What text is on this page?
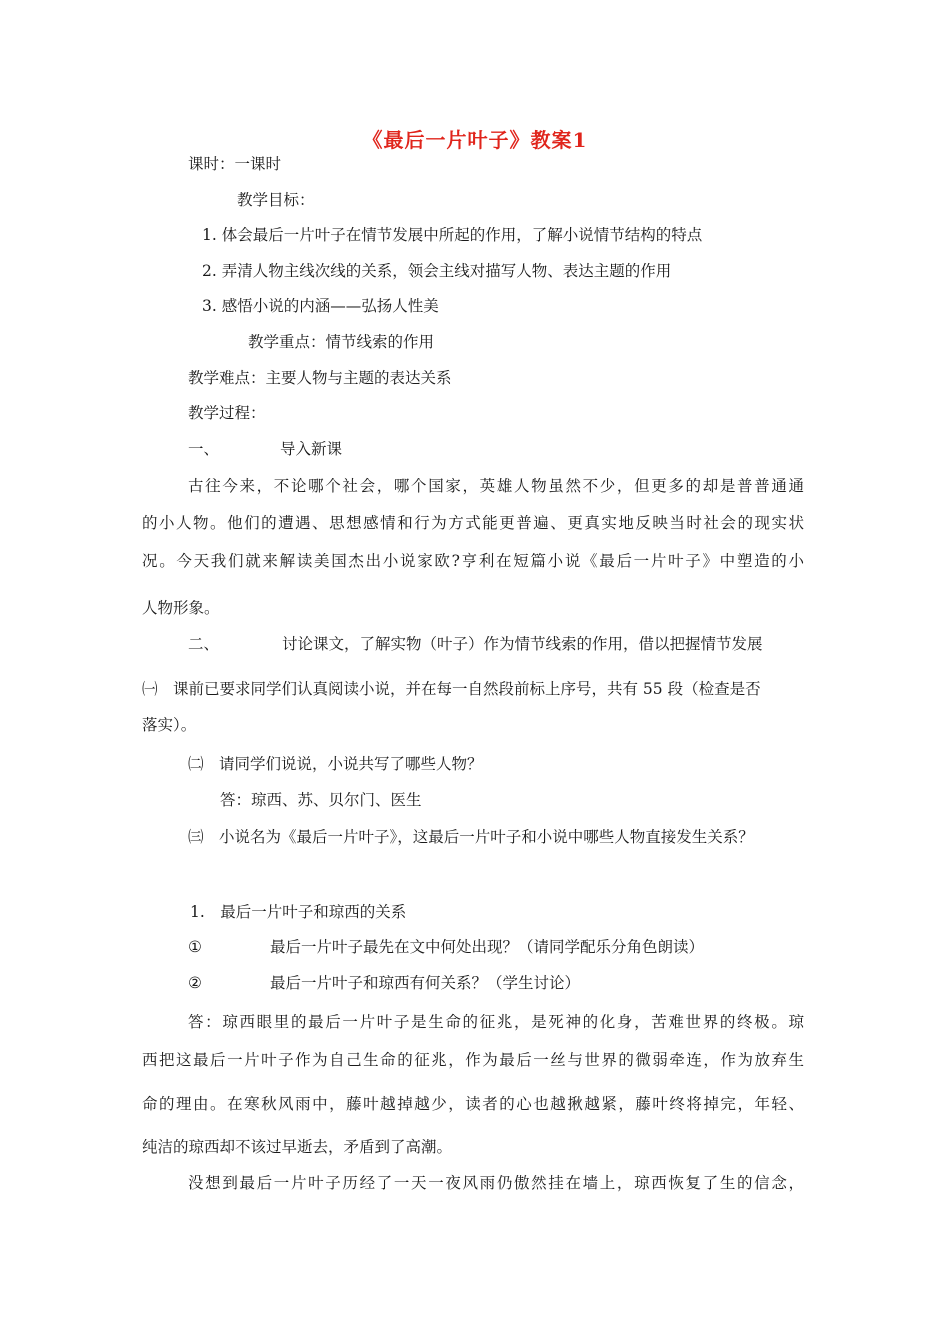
《最后一片叶子》教案1
课时：一课时
教学目标：
1. 体会最后一片叶子在情节发展中所起的作用，了解小说情节结构的特点
2. 弄清人物主线次线的关系，领会主线对描写人物、表达主题的作用
3. 感悟小说的内涵——弘扬人性美
教学重点：情节线索的作用
教学难点：主要人物与主题的表达关系
教学过程：
一、	导入新课
古往今来，不论哪个社会，哪个国家，英雄人物虽然不少，但更多的却是普普通通
的小人物。他们的遭遇、思想感情和行为方式能更普遍、更真实地反映当时社会的现实状
况。今天我们就来解读美国杰出小说家欧?亨利在短篇小说《最后一片叶子》中塑造的小
人物形象。
二、	讨论课文，了解实物（叶子）作为情节线索的作用，借以把握情节发展
㈠　课前已要求同学们认真阅读小说，并在每一自然段前标上序号，共有 55 段（检查是否
落实）。
㈡　请同学们说说，小说共写了哪些人物？
答：琼西、苏、贝尔门、医生
㈢　小说名为《最后一片叶子》，这最后一片叶子和小说中哪些人物直接发生关系？
1.　最后一片叶子和琼西的关系
①	最后一片叶子最先在文中何处出现？（请同学配乐分角色朗读）
②	最后一片叶子和琼西有何关系？（学生讨论）
答：琼西眼里的最后一片叶子是生命的征兆，是死神的化身，苦难世界的终极。琼
西把这最后一片叶子作为自己生命的征兆，作为最后一丝与世界的微弱牵连，作为放弃生
命的理由。在寒秋风雨中，藤叶越掉越少，读者的心也越揪越紧，藤叶终将掉完，年轻、
纯洁的琼西却不该过早逝去，矛盾到了高潮。
没想到最后一片叶子历经了一天一夜风雨仍傲然挂在墙上，琼西恢复了生的信念，
